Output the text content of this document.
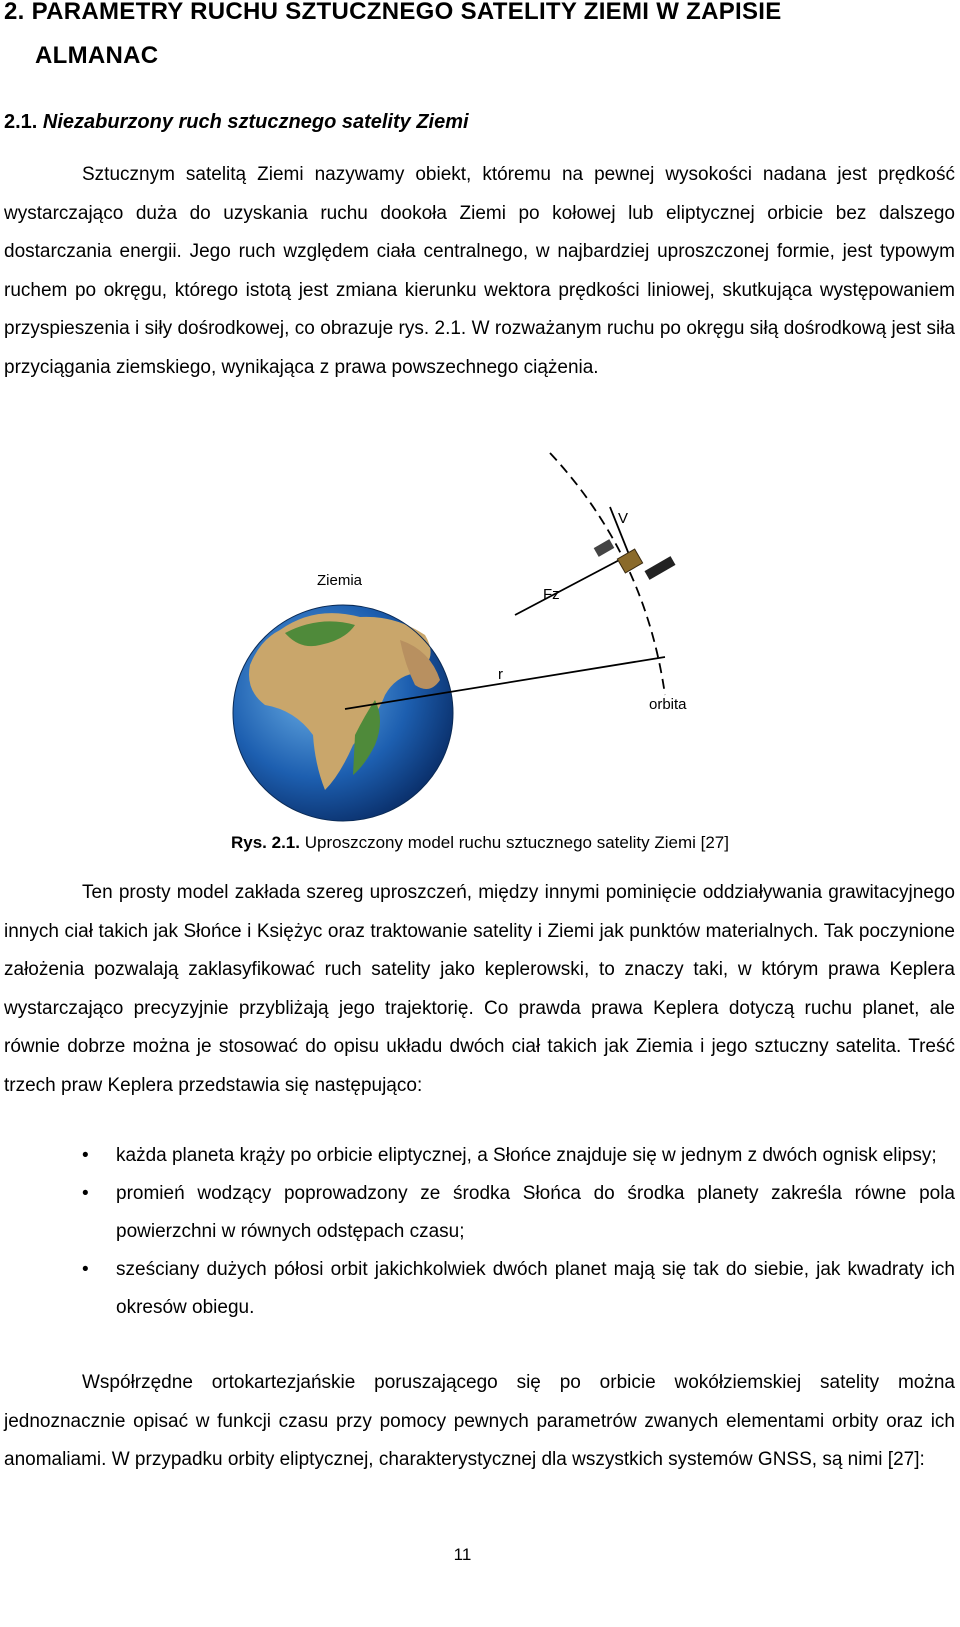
2. PARAMETRY RUCHU SZTUCZNEGO SATELITY ZIEMI W ZAPISIE
ALMANAC
2.1. Niezaburzony ruch sztucznego satelity Ziemi

Sztucznym satelitą Ziemi nazywamy obiekt, któremu na pewnej wysokości nadana jest prędkość wystarczająco duża do uzyskania ruchu dookoła Ziemi po kołowej lub eliptycznej orbicie bez dalszego dostarczania energii. Jego ruch względem ciała centralnego, w najbardziej uproszczonej formie, jest typowym ruchem po okręgu, którego istotą jest zmiana kierunku wektora prędkości liniowej, skutkująca występowaniem przyspieszenia i siły dośrodkowej, co obrazuje rys. 2.1. W rozważanym ruchu po okręgu siłą dośrodkową jest siła przyciągania ziemskiego, wynikająca z prawa powszechnego ciążenia.

Ziemia
V
Fz
r
orbita
Rys. 2.1. Uproszczony model ruchu sztucznego satelity Ziemi [27]

Ten prosty model zakłada szereg uproszczeń, między innymi pominięcie oddziaływania grawitacyjnego innych ciał takich jak Słońce i Księżyc oraz traktowanie satelity i Ziemi jak punktów materialnych. Tak poczynione założenia pozwalają zaklasyfikować ruch satelity jako keplerowski, to znaczy taki, w którym prawa Keplera wystarczająco precyzyjnie przybliżają jego trajektorię. Co prawda prawa Keplera dotyczą ruchu planet, ale równie dobrze można je stosować do opisu układu dwóch ciał takich jak Ziemia i jego sztuczny satelita. Treść trzech praw Keplera przedstawia się następująco:

• każda planeta krąży po orbicie eliptycznej, a Słońce znajduje się w jednym z dwóch ognisk elipsy;
• promień wodzący poprowadzony ze środka Słońca do środka planety zakreśla równe pola powierzchni w równych odstępach czasu;
• sześciany dużych półosi orbit jakichkolwiek dwóch planet mają się tak do siebie, jak kwadraty ich okresów obiegu.

Współrzędne ortokartezjańskie poruszającego się po orbicie wokółziemskiej satelity można jednoznacznie opisać w funkcji czasu przy pomocy pewnych parametrów zwanych elementami orbity oraz ich anomaliami. W przypadku orbity eliptycznej, charakterystycznej dla wszystkich systemów GNSS, są nimi [27]:

11
